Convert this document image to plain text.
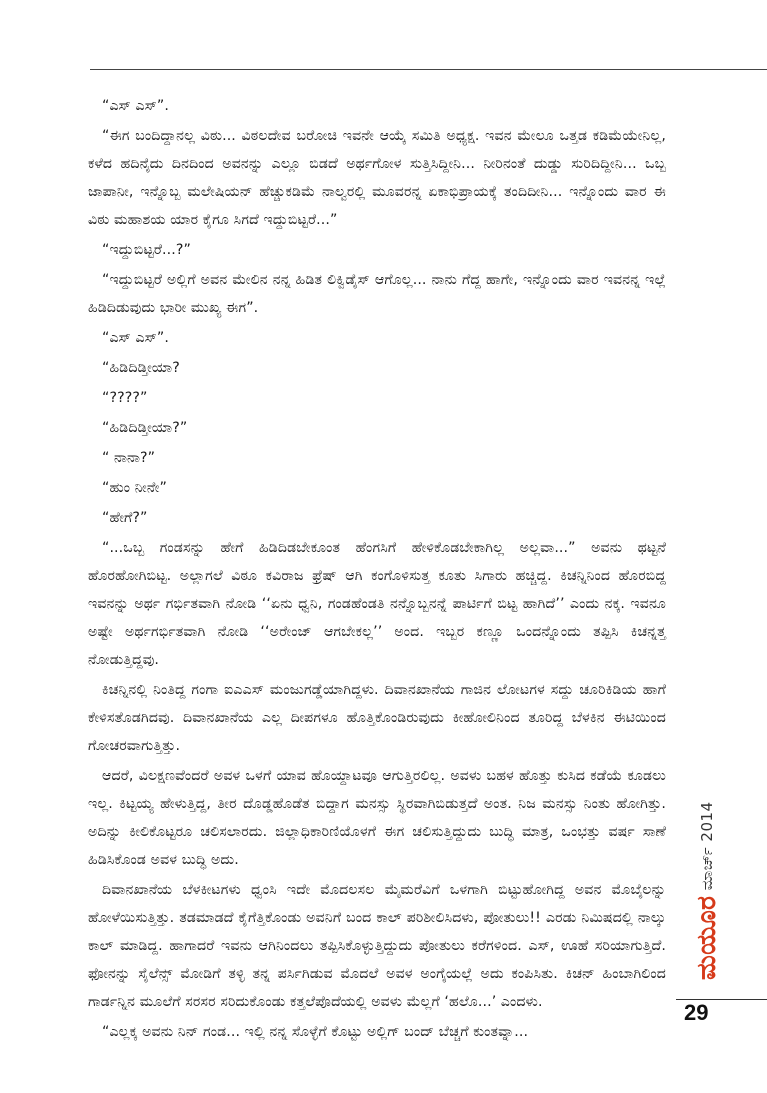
“ಎಸ್ ಎಸ್”.

“ಈಗ ಬಂದಿದ್ದಾನಲ್ಲ ವಿಠು... ವಿಠಲದೇವ ಬರೋಚಿ ಇವನೇ ಆಯ್ಕೆ ಸಮಿತಿ ಅಧ್ಯಕ್ಷ. ಇವನ ಮೇಲೂ ಒತ್ತಡ ಕಡಿಮೆಯೇನಿಲ್ಲ, ಕಳೆದ ಹದಿನೈದು ದಿನದಿಂದ ಅವನನ್ನು ಎಲ್ಲೂ ಬಿಡದೆ ಅರ್ಥಗೋಳ ಸುತ್ತಿಸಿದ್ದೀನಿ... ನೀರಿನಂತೆ ದುಡ್ಡು ಸುರಿದಿದ್ದೀನಿ... ಒಬ್ಬ ಜಾಪಾನೀ, ಇನ್ನೊಬ್ಬ ಮಲೇಷಿಯನ್ ಹೆಚ್ಚುಕಡಿಮೆ ನಾಲ್ವರಲ್ಲಿ ಮೂವರನ್ನ ಏಕಾಭಿಪ್ರಾಯಕ್ಕೆ ತಂದಿದೀನಿ... ಇನ್ನೊಂದು ವಾರ ಈ ವಿಠು ಮಹಾಶಯ ಯಾರ ಕೈಗೂ ಸಿಗದೆ ಇದ್ದುಬಿಟ್ಟರೆ...”

“ಇದ್ದುಬಿಟ್ಟರೆ...?”

“ಇದ್ದುಬಿಟ್ಟರೆ ಅಲ್ಲಿಗೆ ಅವನ ಮೇಲಿನ ನನ್ನ ಹಿಡಿತ ಲಿಕ್ವಿಡೈಸ್ ಆಗೊಲ್ಲ... ನಾನು ಗೆದ್ದ ಹಾಗೇ, ಇನ್ನೊಂದು ವಾರ ಇವನನ್ನ ಇಲ್ಲೆ ಹಿಡಿದಿಡುವುದು ಭಾರೀ ಮುಖ್ಯ ಈಗ”.

“ಎಸ್ ಎಸ್”.

“ಹಿಡಿದಿಡ್ತೀಯಾ?

“????”

“ಹಿಡಿದಿಡ್ತೀಯಾ?”

“ ನಾನಾ?”

“ಹುಂ ನೀನೇ”

“ಹೇಗೆ?”

“...ಒಬ್ಬ ಗಂಡಸನ್ನು ಹೇಗೆ ಹಿಡಿದಿಡಬೇಕೂಂತ ಹೆಂಗಸಿಗೆ ಹೇಳಿಕೊಡಬೇಕಾಗಿಲ್ಲ ಅಲ್ಲವಾ...” ಅವನು ಥಟ್ಟನೆ ಹೊರಹೋಗಿಬಿಟ್ಟ. ಅಲ್ಲಾಗಲೆ ವಿಠೂ ಕವಿರಾಜ ಫ್ರೆಷ್ ಆಗಿ ಕಂಗೊಳಿಸುತ್ತ ಕೂತು ಸಿಗಾರು ಹಚ್ಚಿದ್ದ. ಕಿಚನ್ನಿನಿಂದ ಹೊರಬಿದ್ದ ಇವನನ್ನು ಅರ್ಥ ಗರ್ಭಿತವಾಗಿ ನೋಡಿ ‘‘ಏನು ಧ್ವನಿ, ಗಂಡಹೆಂಡತಿ ನನ್ನೊಬ್ಬನನ್ನೆ ಪಾರ್ಟಿಗೆ ಬಿಟ್ಟ ಹಾಗಿದೆ’’ ಎಂದು ನಕ್ಕ. ಇವನೂ ಅಷ್ಟೇ ಅರ್ಥಗರ್ಭಿತವಾಗಿ ನೋಡಿ ‘‘ಅರೇಂಜ್ ಆಗಬೇಕಲ್ಲ’’ ಅಂದ. ಇಬ್ಬರ ಕಣ್ಣೂ ಒಂದನ್ನೊಂದು ತಪ್ಪಿಸಿ ಕಿಚನ್ನತ್ತ ನೋಡುತ್ತಿದ್ದವು.

ಕಿಚನ್ನಿನಲ್ಲಿ ನಿಂತಿದ್ದ ಗಂಗಾ ಐಎಎಸ್ ಮಂಜುಗಡ್ಡೆಯಾಗಿದ್ದಳು. ದಿವಾನಖಾನೆಯ ಗಾಜಿನ ಲೋಟಗಳ ಸದ್ದು ಚೂರಿಕಿಡಿಯ ಹಾಗೆ ಕೇಳಿಸತೊಡಗಿದವು. ದಿವಾನಖಾನೆಯ ಎಲ್ಲ ದೀಪಗಳೂ ಹೊತ್ತಿಕೊಂಡಿರುವುದು ಕೀಹೋಲಿನಿಂದ ತೂರಿದ್ದ ಬೆಳಕಿನ ಈಟಿಯಿಂದ ಗೋಚರವಾಗುತ್ತಿತ್ತು.

ಆದರೆ, ವಿಲಕ್ಷಣವೆಂದರೆ ಅವಳ ಒಳಗೆ ಯಾವ ಹೊಯ್ದಾಟವೂ ಆಗುತ್ತಿರಲಿಲ್ಲ. ಅವಳು ಬಹಳ ಹೊತ್ತು ಕುಸಿದ ಕಡೆಯೆ ಕೂಡಲು ಇಲ್ಲ. ಕಿಟ್ಟಯ್ಯ ಹೇಳುತ್ತಿದ್ದ, ತೀರ ದೊಡ್ಡಹೊಡೆತ ಬಿದ್ದಾಗ ಮನಸ್ಸು ಸ್ಥಿರವಾಗಿಬಿಡುತ್ತದೆ ಅಂತ. ನಿಜ ಮನಸ್ಸು ನಿಂತು ಹೋಗಿತ್ತು. ಅದಿನ್ನು ಕೀಲಿಕೊಟ್ಟರೂ ಚಲಿಸಲಾರದು. ಜಿಲ್ಲಾಧಿಕಾರಿಣಿಯೊಳಗೆ ಈಗ ಚಲಿಸುತ್ತಿದ್ದುದು ಬುದ್ಧಿ ಮಾತ್ರ, ಒಂಭತ್ತು ವರ್ಷ ಸಾಣೆ ಹಿಡಿಸಿಕೊಂಡ ಅವಳ ಬುದ್ಧಿ ಅದು.

ದಿವಾನಖಾನೆಯ ಬೆಳಕೀಟಗಳು ಧ್ವಂಸಿ ಇದೇ ಮೊದಲಸಲ ಮೈಮರೆವಿಗೆ ಒಳಗಾಗಿ ಬಿಟ್ಟುಹೋಗಿದ್ದ ಅವನ ಮೊಬೈಲನ್ನು ಹೋಳೆಯಿಸುತ್ತಿತ್ತು. ತಡಮಾಡದೆ ಕೈಗೆತ್ತಿಕೊಂಡು ಅವನಿಗೆ ಬಂದ ಕಾಲ್ ಪರಿಶೀಲಿಸಿದಳು, ಪೋತುಲು!! ಎರಡು ನಿಮಿಷದಲ್ಲಿ ನಾಲ್ಕು ಕಾಲ್ ಮಾಡಿದ್ದ. ಹಾಗಾದರೆ ಇವನು ಆಗಿನಿಂದಲು ತಪ್ಪಿಸಿಕೊಳ್ಳುತ್ತಿದ್ದುದು ಪೋತುಲು ಕರೆಗಳಿಂದ. ಎಸ್, ಊಹೆ ಸರಿಯಾಗುತ್ತಿದೆ. ಫೋನನ್ನು ಸೈಲೆನ್ಸ್ ಮೋಡಿಗೆ ತಳ್ಳಿ ತನ್ನ ಪರ್ಸಿಗಿಡುವ ಮೊದಲೆ ಅವಳ ಅಂಗೈಯಲ್ಲೆ ಅದು ಕಂಪಿಸಿತು. ಕಿಚನ್ ಹಿಂಬಾಗಿಲಿಂದ ಗಾರ್ಡನ್ನಿನ ಮೂಲೆಗೆ ಸರಸರ ಸರಿದುಕೊಂಡು ಕತ್ತಲೆಪೊದೆಯಲ್ಲಿ ಅವಳು ಮೆಲ್ಲಗೆ ‘ಹಲೊ...’ ಎಂದಳು.

“ಎಲ್ಲಕ್ಕ ಅವನು ನಿನ್ ಗಂಡ... ಇಲ್ಲಿ ನನ್ನ ಸೊಳ್ಳೆಗೆ ಕೊಟ್ಟು ಅಲ್ಲಿಗ್ ಬಂದ್ ಬೆಚ್ಚಗೆ ಕುಂತವ್ನಾ...

ಮಯೂರ ಮಾರ್ಚ್ 2014
29
